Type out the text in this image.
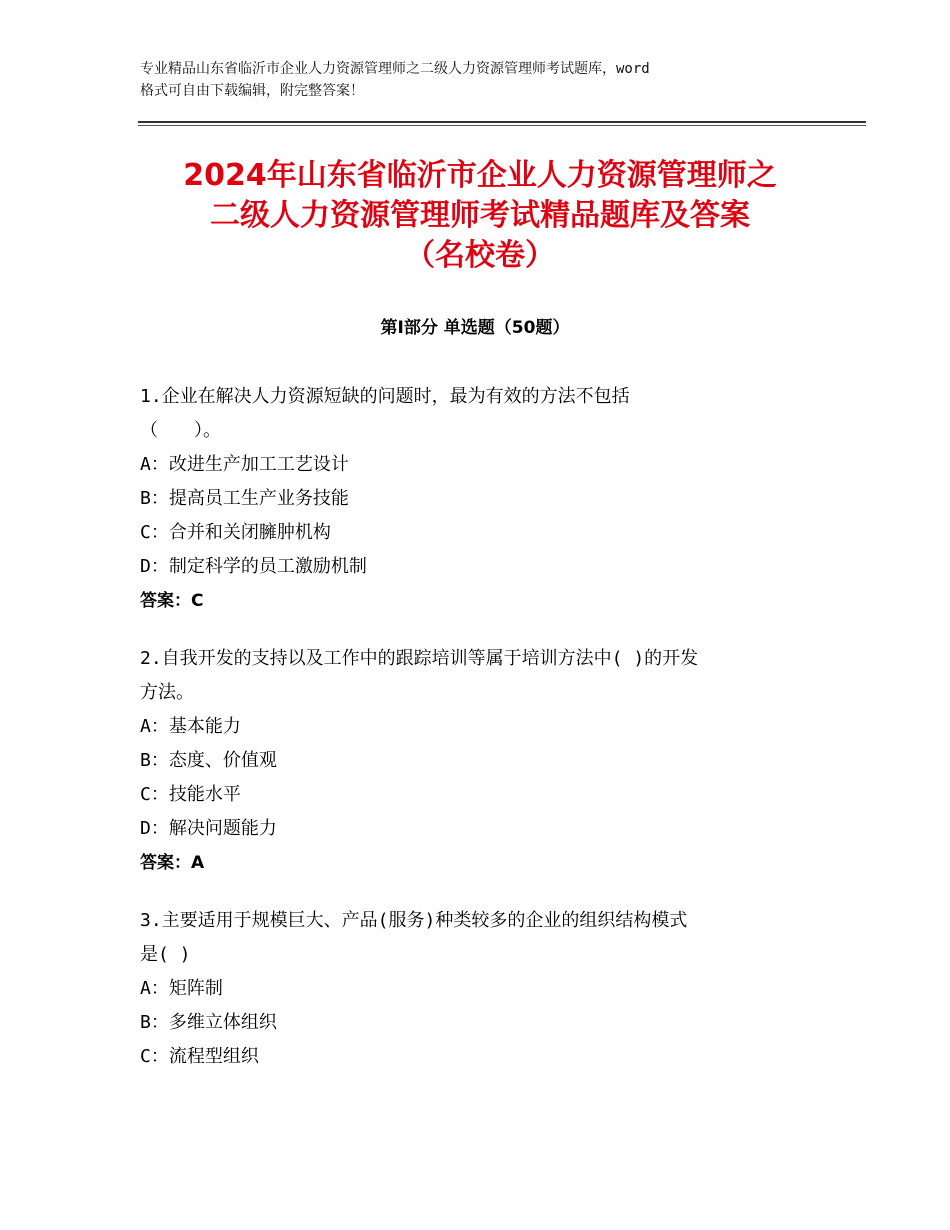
专业精品山东省临沂市企业人力资源管理师之二级人力资源管理师考试题库，word
格式可自由下载编辑，附完整答案！
2024年山东省临沂市企业人力资源管理师之
二级人力资源管理师考试精品题库及答案
（名校卷）
第Ⅰ部分 单选题（50题）
1.企业在解决人力资源短缺的问题时，最为有效的方法不包括
（　　）。
A：改进生产加工工艺设计
B：提高员工生产业务技能
C：合并和关闭臃肿机构
D：制定科学的员工激励机制
答案：C
2.自我开发的支持以及工作中的跟踪培训等属于培训方法中( )的开发
方法。
A：基本能力
B：态度、价值观
C：技能水平
D：解决问题能力
答案：A
3.主要适用于规模巨大、产品(服务)种类较多的企业的组织结构模式
是( )
A：矩阵制
B：多维立体组织
C：流程型组织
